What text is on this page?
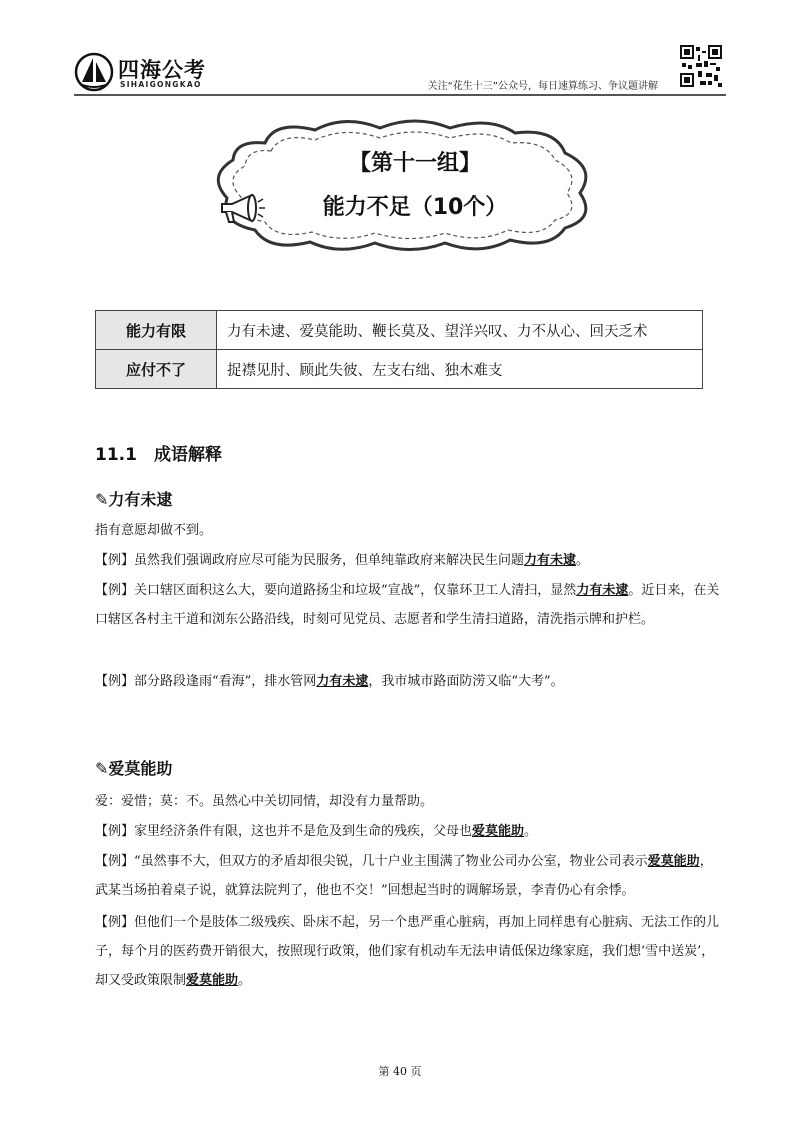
四海公考
SIHAIGONGKAO	关注“花生十三”公众号，每日速算练习、争议题讲解
【第十一组】
能力不足（10个）
能力有限	力有未逮、爱莫能助、鞭长莫及、望洋兴叹、力不从心、回天乏术
应付不了	捉襟见肘、顾此失彼、左支右绌、独木难支
11.1　成语解释
✎力有未逮
指有意愿却做不到。
【例】虽然我们强调政府应尽可能为民服务，但单纯靠政府来解决民生问题力有未逮。
【例】关口辖区面积这么大，要向道路扬尘和垃圾“宣战”，仅靠环卫工人清扫，显然力有未逮。近日来，在关口辖区各村主干道和浏东公路沿线，时刻可见党员、志愿者和学生清扫道路，清洗指示牌和护栏。
【例】部分路段逢雨“看海”，排水管网力有未逮，我市城市路面防涝又临“大考”。
✎爱莫能助
爱：爱惜；莫：不。虽然心中关切同情，却没有力量帮助。
【例】家里经济条件有限，这也并不是危及到生命的残疾，父母也爱莫能助。
【例】“虽然事不大，但双方的矛盾却很尖锐，几十户业主围满了物业公司办公室，物业公司表示爱莫能助，武某当场拍着桌子说，就算法院判了，他也不交！”回想起当时的调解场景，李青仍心有余悸。
【例】但他们一个是肢体二级残疾、卧床不起，另一个患严重心脏病，再加上同样患有心脏病、无法工作的儿子，每个月的医药费开销很大，按照现行政策，他们家有机动车无法申请低保边缘家庭，我们想‘雪中送炭’，却又受政策限制爱莫能助。
第 40 页
